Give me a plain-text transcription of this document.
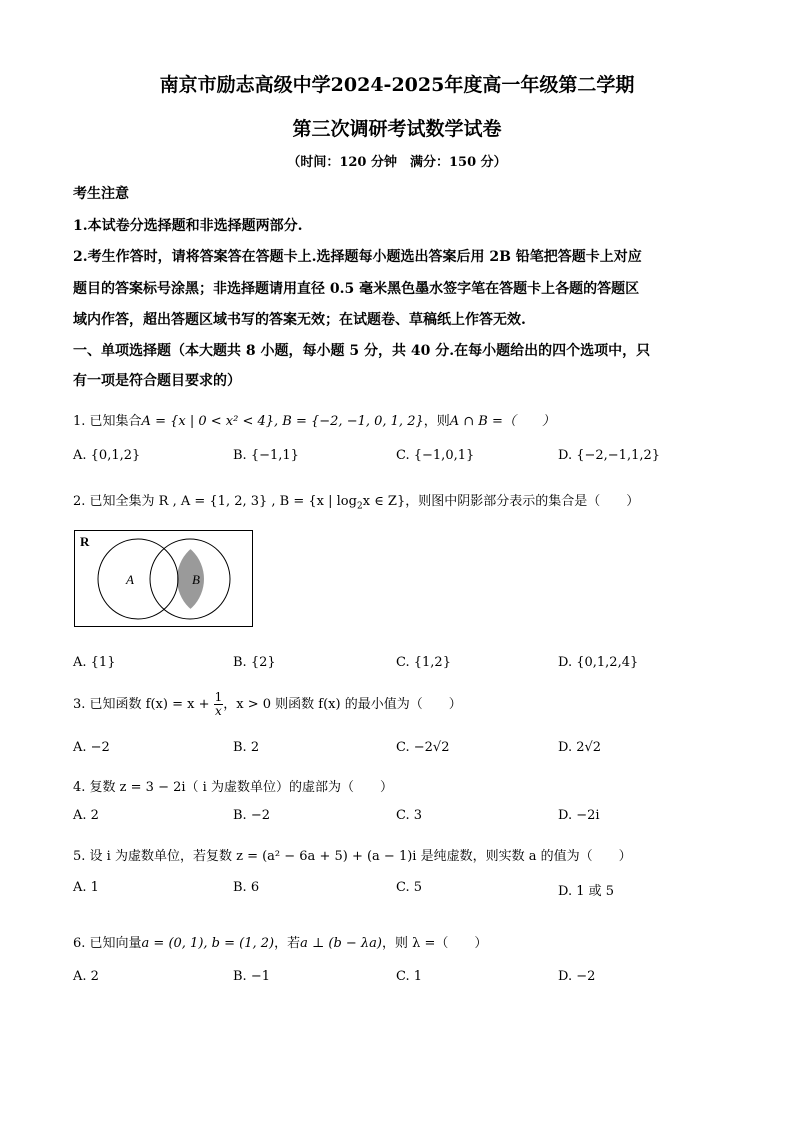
南京市励志高级中学2024-2025年度高一年级第二学期
第三次调研考试数学试卷
（时间：120 分钟　满分：150 分）
考生注意
1.本试卷分选择题和非选择题两部分.
2.考生作答时，请将答案答在答题卡上.选择题每小题选出答案后用 2B 铅笔把答题卡上对应
题目的答案标号涂黑；非选择题请用直径 0.5 毫米黑色墨水签字笔在答题卡上各题的答题区
域内作答，超出答题区域书写的答案无效；在试题卷、草稿纸上作答无效.
一、单项选择题（本大题共 8 小题，每小题 5 分，共 40 分.在每小题给出的四个选项中，只
有一项是符合题目要求的）
1. 已知集合A = {x | 0 < x² < 4}, B = {−2, −1, 0, 1, 2}，则A ∩ B =（　　）
A. {0,1,2}	B. {−1,1}	C. {−1,0,1}	D. {−2,−1,1,2}
2. 已知全集为 R , A = {1, 2, 3} , B = {x | $\log_2x$ ∈ Z}，则图中阴影部分表示的集合是（　　）
R
A	B
A. {1}	B. {2}	C. {1,2}	D. {0,1,2,4}
3. 已知函数 $f(x) = x + \frac{1}{x}$ ，x > 0 则函数 f(x) 的最小值为（　　）
A. −2	B. 2	C. −2√2	D. 2√2
4. 复数 z = 3 − 2i（ i 为虚数单位）的虚部为（　　）
A. 2	B. −2	C. 3	D. −2i
5. 设 i 为虚数单位，若复数 z = (a² − 6a + 5) + (a − 1)i 是纯虚数，则实数 a 的值为（　　）
A. 1	B. 6	C. 5	D. 1 或 5
6. 已知向量a = (0, 1), b = (1, 2)，若a ⊥ (b − λa)，则 λ =（　　）
A. 2	B. −1	C. 1	D. −2
